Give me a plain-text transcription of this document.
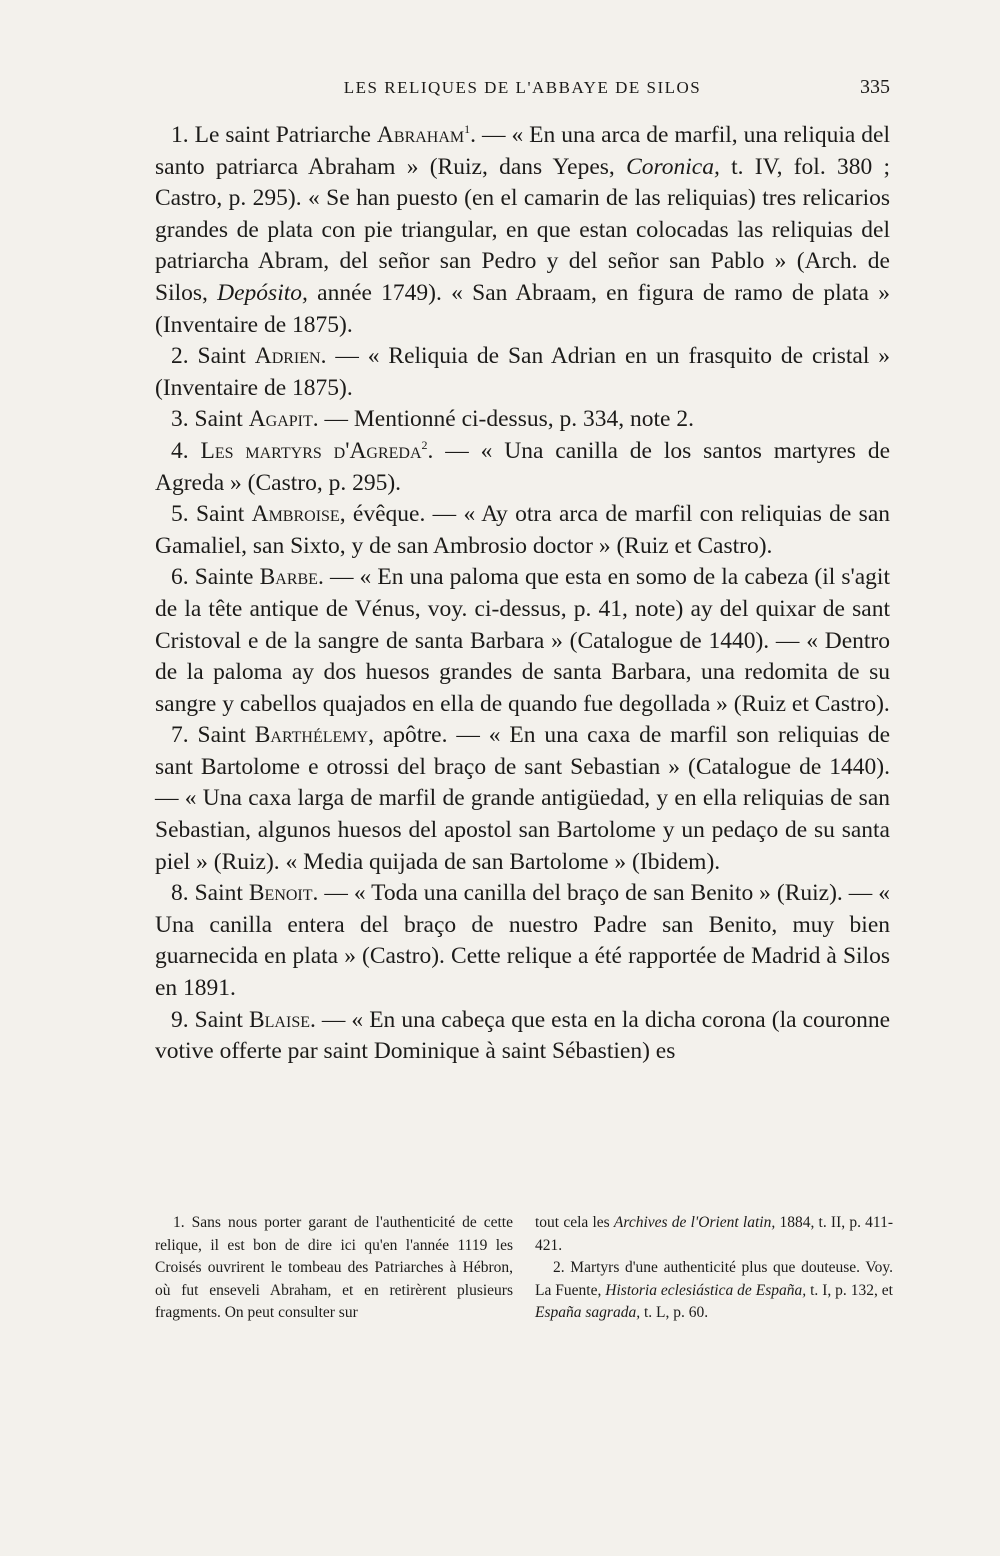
LES RELIQUES DE L'ABBAYE DE SILOS	335

1. Le saint Patriarche Abraham$^1$. — « En una arca de marfil, una reliquia del santo patriarca Abraham » (Ruiz, dans Yepes, Coronica, t. IV, fol. 380 ; Castro, p. 295). « Se han puesto (en el camarin de las reliquias) tres relicarios grandes de plata con pie triangular, en que estan colocadas las reliquias del patriarcha Abram, del señor san Pedro y del señor san Pablo » (Arch. de Silos, Depósito, année 1749). « San Abraam, en figura de ramo de plata » (Inventaire de 1875).

2. Saint Adrien. — « Reliquia de San Adrian en un frasquito de cristal » (Inventaire de 1875).

3. Saint Agapit. — Mentionné ci-dessus, p. 334, note 2.

4. Les martyrs d'Agreda$^2$. — « Una canilla de los santos martyres de Agreda » (Castro, p. 295).

5. Saint Ambroise, évêque. — « Ay otra arca de marfil con reliquias de san Gamaliel, san Sixto, y de san Ambrosio doctor » (Ruiz et Castro).

6. Sainte Barbe. — « En una paloma que esta en somo de la cabeza (il s'agit de la tête antique de Vénus, voy. ci-dessus, p. 41, note) ay del quixar de sant Cristoval e de la sangre de santa Barbara » (Catalogue de 1440). — « Dentro de la paloma ay dos huesos grandes de santa Barbara, una redomita de su sangre y cabellos quajados en ella de quando fue degollada » (Ruiz et Castro).

7. Saint Barthélemy, apôtre. — « En una caxa de marfil son reliquias de sant Bartolome e otrossi del braço de sant Sebastian » (Catalogue de 1440). — « Una caxa larga de marfil de grande antigüedad, y en ella reliquias de san Sebastian, algunos huesos del apostol san Bartolome y un pedaço de su santa piel » (Ruiz). « Media quijada de san Bartolome » (Ibidem).

8. Saint Benoit. — « Toda una canilla del braço de san Benito » (Ruiz). — « Una canilla entera del braço de nuestro Padre san Benito, muy bien guarnecida en plata » (Castro). Cette relique a été rapportée de Madrid à Silos en 1891.

9. Saint Blaise. — « En una cabeça que esta en la dicha corona (la couronne votive offerte par saint Dominique à saint Sébastien) es

1. Sans nous porter garant de l'authenticité de cette relique, il est bon de dire ici qu'en l'année 1119 les Croisés ouvrirent le tombeau des Patriarches à Hébron, où fut enseveli Abraham, et en retirèrent plusieurs fragments. On peut consulter sur

tout cela les Archives de l'Orient latin, 1884, t. II, p. 411-421.

2. Martyrs d'une authenticité plus que douteuse. Voy. La Fuente, Historia eclesiástica de España, t. I, p. 132, et España sagrada, t. L, p. 60.
